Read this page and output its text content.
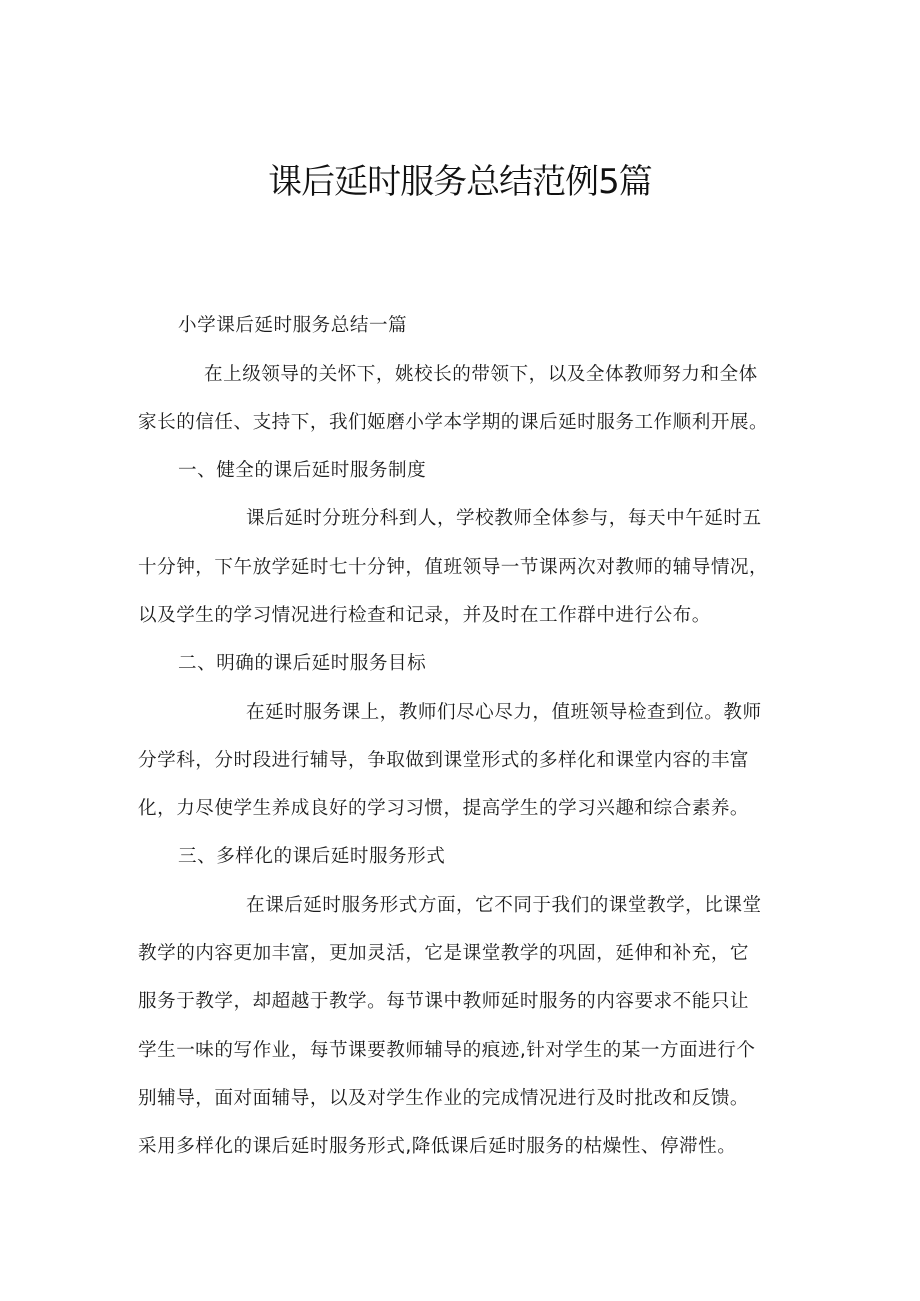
课后延时服务总结范例5篇
小学课后延时服务总结一篇
在上级领导的关怀下，姚校长的带领下，以及全体教师努力和全体
家长的信任、支持下，我们姬磨小学本学期的课后延时服务工作顺利开展。
一、健全的课后延时服务制度
课后延时分班分科到人，学校教师全体参与，每天中午延时五
十分钟，下午放学延时七十分钟，值班领导一节课两次对教师的辅导情况，
以及学生的学习情况进行检查和记录，并及时在工作群中进行公布。
二、明确的课后延时服务目标
在延时服务课上，教师们尽心尽力，值班领导检查到位。教师
分学科，分时段进行辅导，争取做到课堂形式的多样化和课堂内容的丰富
化，力尽使学生养成良好的学习习惯，提高学生的学习兴趣和综合素养。
三、多样化的课后延时服务形式
在课后延时服务形式方面，它不同于我们的课堂教学，比课堂
教学的内容更加丰富，更加灵活，它是课堂教学的巩固，延伸和补充，它
服务于教学，却超越于教学。每节课中教师延时服务的内容要求不能只让
学生一味的写作业，每节课要教师辅导的痕迹,针对学生的某一方面进行个
别辅导，面对面辅导，以及对学生作业的完成情况进行及时批改和反馈。
采用多样化的课后延时服务形式,降低课后延时服务的枯燥性、停滞性。
